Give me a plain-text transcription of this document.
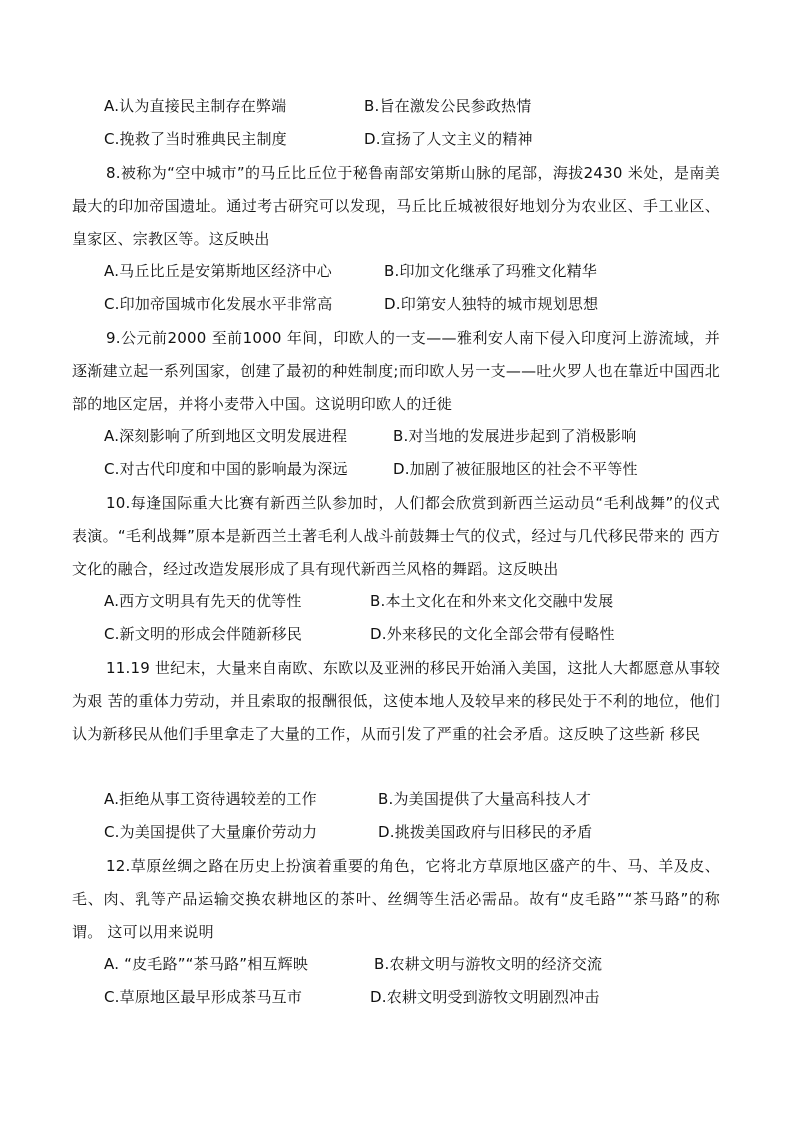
A.认为直接民主制存在弊端	B.旨在激发公民参政热情
C.挽救了当时雅典民主制度	D.宣扬了人文主义的精神
8.被称为“空中城市”的马丘比丘位于秘鲁南部安第斯山脉的尾部，海拔2430 米处，是南美最大的印加帝国遗址。通过考古研究可以发现，马丘比丘城被很好地划分为农业区、手工业区、皇家区、宗教区等。这反映出
A.马丘比丘是安第斯地区经济中心	B.印加文化继承了玛雅文化精华
C.印加帝国城市化发展水平非常高	D.印第安人独特的城市规划思想
9.公元前2000 至前1000 年间，印欧人的一支——雅利安人南下侵入印度河上游流域，并逐渐建立起一系列国家，创建了最初的种姓制度;而印欧人另一支——吐火罗人也在靠近中国西北部的地区定居，并将小麦带入中国。这说明印欧人的迁徙
A.深刻影响了所到地区文明发展进程	B.对当地的发展进步起到了消极影响
C.对古代印度和中国的影响最为深远	D.加剧了被征服地区的社会不平等性
10.每逢国际重大比赛有新西兰队参加时，人们都会欣赏到新西兰运动员“毛利战舞”的仪式表演。“毛利战舞”原本是新西兰土著毛利人战斗前鼓舞士气的仪式，经过与几代移民带来的 西方文化的融合，经过改造发展形成了具有现代新西兰风格的舞蹈。这反映出
A.西方文明具有先天的优等性	B.本土文化在和外来文化交融中发展
C.新文明的形成会伴随新移民	D.外来移民的文化全部会带有侵略性
11.19 世纪末，大量来自南欧、东欧以及亚洲的移民开始涌入美国，这批人大都愿意从事较为艰 苦的重体力劳动，并且索取的报酬很低，这使本地人及较早来的移民处于不利的地位，他们 认为新移民从他们手里拿走了大量的工作，从而引发了严重的社会矛盾。这反映了这些新 移民
A.拒绝从事工资待遇较差的工作	B.为美国提供了大量高科技人才
C.为美国提供了大量廉价劳动力	D.挑拨美国政府与旧移民的矛盾
12.草原丝绸之路在历史上扮演着重要的角色，它将北方草原地区盛产的牛、马、羊及皮、毛、肉、乳等产品运输交换农耕地区的茶叶、丝绸等生活必需品。故有“皮毛路”“茶马路”的称谓。 这可以用来说明
A. “皮毛路”“茶马路”相互辉映	B.农耕文明与游牧文明的经济交流
C.草原地区最早形成茶马互市	D.农耕文明受到游牧文明剧烈冲击
